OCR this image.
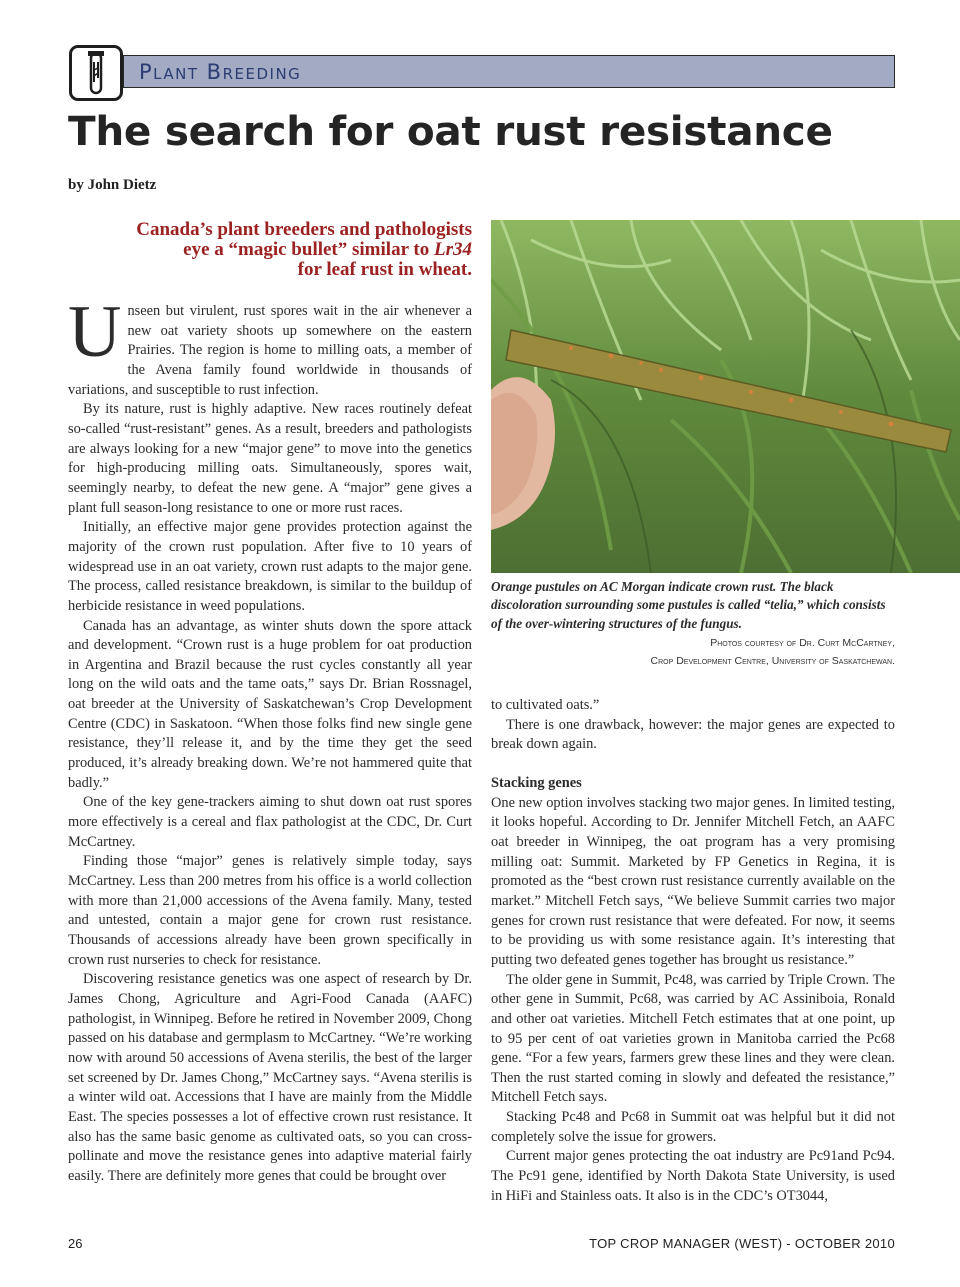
Plant Breeding
The search for oat rust resistance
by John Dietz

Canada’s plant breeders and pathologists
eye a “magic bullet” similar to Lr34
for leaf rust in wheat.

Unseen but virulent, rust spores wait in the air whenever a new oat variety shoots up somewhere on the eastern Prairies. The region is home to milling oats, a member of the Avena family found worldwide in thousands of variations, and susceptible to rust infection.

By its nature, rust is highly adaptive. New races routinely defeat so-called “rust-resistant” genes. As a result, breeders and pathologists are always looking for a new “major gene” to move into the genetics for high-producing milling oats. Simultaneously, spores wait, seemingly nearby, to defeat the new gene. A “major” gene gives a plant full season-long resistance to one or more rust races.

Initially, an effective major gene provides protection against the majority of the crown rust population. After five to 10 years of widespread use in an oat variety, crown rust adapts to the major gene. The process, called resistance breakdown, is similar to the buildup of herbicide resistance in weed populations.

Canada has an advantage, as winter shuts down the spore attack and development. “Crown rust is a huge problem for oat production in Argentina and Brazil because the rust cycles constantly all year long on the wild oats and the tame oats,” says Dr. Brian Rossnagel, oat breeder at the University of Saskatchewan’s Crop Development Centre (CDC) in Saskatoon. “When those folks find new single gene resistance, they’ll release it, and by the time they get the seed produced, it’s already breaking down. We’re not hammered quite that badly.”

One of the key gene-trackers aiming to shut down oat rust spores more effectively is a cereal and flax pathologist at the CDC, Dr. Curt McCartney.

Finding those “major” genes is relatively simple today, says McCartney. Less than 200 metres from his office is a world collection with more than 21,000 accessions of the Avena family. Many, tested and untested, contain a major gene for crown rust resistance. Thousands of accessions already have been grown specifically in crown rust nurseries to check for resistance.

Discovering resistance genetics was one aspect of research by Dr. James Chong, Agriculture and Agri-Food Canada (AAFC) pathologist, in Winnipeg. Before he retired in November 2009, Chong passed on his database and germplasm to McCartney. “We’re working now with around 50 accessions of Avena sterilis, the best of the larger set screened by Dr. James Chong,” McCartney says. “Avena sterilis is a winter wild oat. Accessions that I have are mainly from the Middle East. The species possesses a lot of effective crown rust resistance. It also has the same basic genome as cultivated oats, so you can cross-pollinate and move the resistance genes into adaptive material fairly easily. There are definitely more genes that could be brought over

Orange pustules on AC Morgan indicate crown rust. The black discoloration surrounding some pustules is called “telia,” which consists of the over-wintering structures of the fungus.
Photos courtesy of Dr. Curt McCartney,
Crop Development Centre, University of Saskatchewan.

to cultivated oats.”

There is one drawback, however: the major genes are expected to break down again.

Stacking genes

One new option involves stacking two major genes. In limited testing, it looks hopeful. According to Dr. Jennifer Mitchell Fetch, an AAFC oat breeder in Winnipeg, the oat program has a very promising milling oat: Summit. Marketed by FP Genetics in Regina, it is promoted as the “best crown rust resistance currently available on the market.” Mitchell Fetch says, “We believe Summit carries two major genes for crown rust resistance that were defeated. For now, it seems to be providing us with some resistance again. It’s interesting that putting two defeated genes together has brought us resistance.”

The older gene in Summit, Pc48, was carried by Triple Crown. The other gene in Summit, Pc68, was carried by AC Assiniboia, Ronald and other oat varieties. Mitchell Fetch estimates that at one point, up to 95 per cent of oat varieties grown in Manitoba carried the Pc68 gene. “For a few years, farmers grew these lines and they were clean. Then the rust started coming in slowly and defeated the resistance,” Mitchell Fetch says.

Stacking Pc48 and Pc68 in Summit oat was helpful but it did not completely solve the issue for growers.

Current major genes protecting the oat industry are Pc91and Pc94. The Pc91 gene, identified by North Dakota State University, is used in HiFi and Stainless oats. It also is in the CDC’s OT3044,

26	TOP CROP MANAGER (WEST) - OCTOBER 2010
